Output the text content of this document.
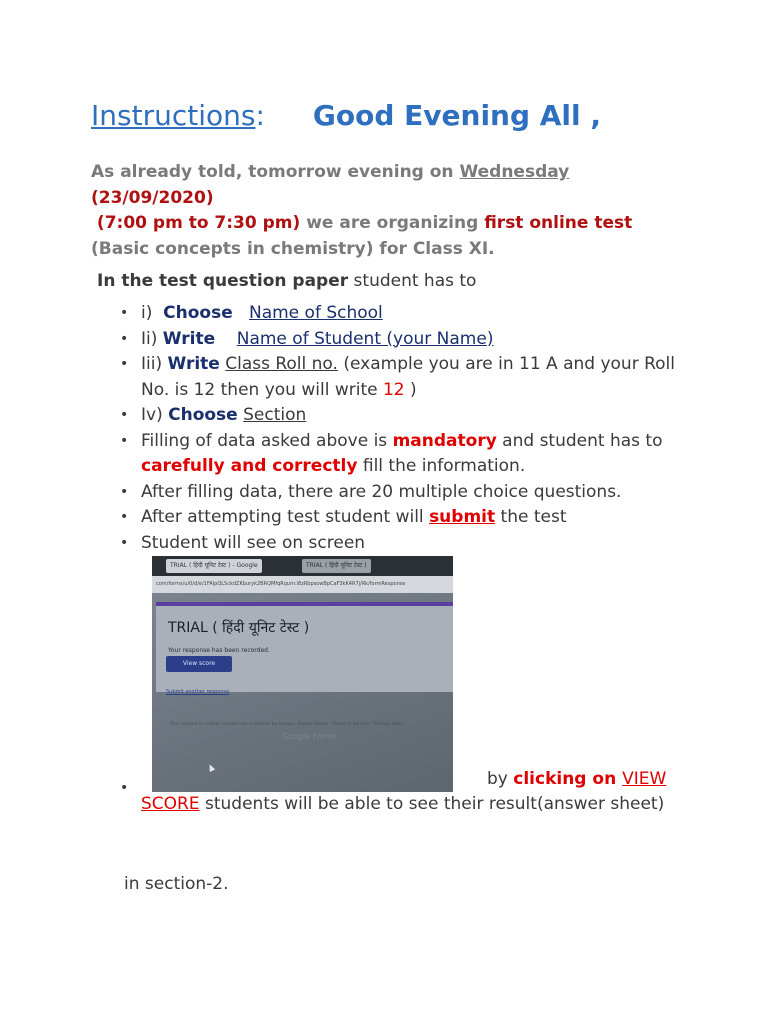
Instructions: Good Evening All ,
As already told, tomorrow evening on Wednesday
(23/09/2020)
(7:00 pm to 7:30 pm) we are organizing first online test
(Basic concepts in chemistry) for Class XI.
In the test question paper student has to
• i) Choose Name of School
• Ii) Write Name of Student (your Name)
• Iii) Write Class Roll no. (example you are in 11 A and your Roll No. is 12 then you will write 12 )
• Iv) Choose Section
• Filling of data asked above is mandatory and student has to carefully and correctly fill the information.
• After filling data, there are 20 multiple choice questions.
• After attempting test student will submit the test
• Student will see on screen
•
TRIAL ( हिंदी यूनिट टेस्ट ) - Google	TRIAL ( हिंदी यूनिट टेस्ट )
com/forms/u/0/d/e/1FAIpQLSckdZKburyk2BRQMfqRqum:i8zRbpsowBpCaF3kK4R7j/Rk/formResponse
TRIAL ( हिंदी यूनिट टेस्ट )
Your response has been recorded.
View score
Submit another response
This content is neither created nor endorsed by Google. Report Abuse - Terms of Service - Privacy Policy
Google Forms
by clicking on VIEW
SCORE students will be able to see their result(answer sheet)
in section-2.
